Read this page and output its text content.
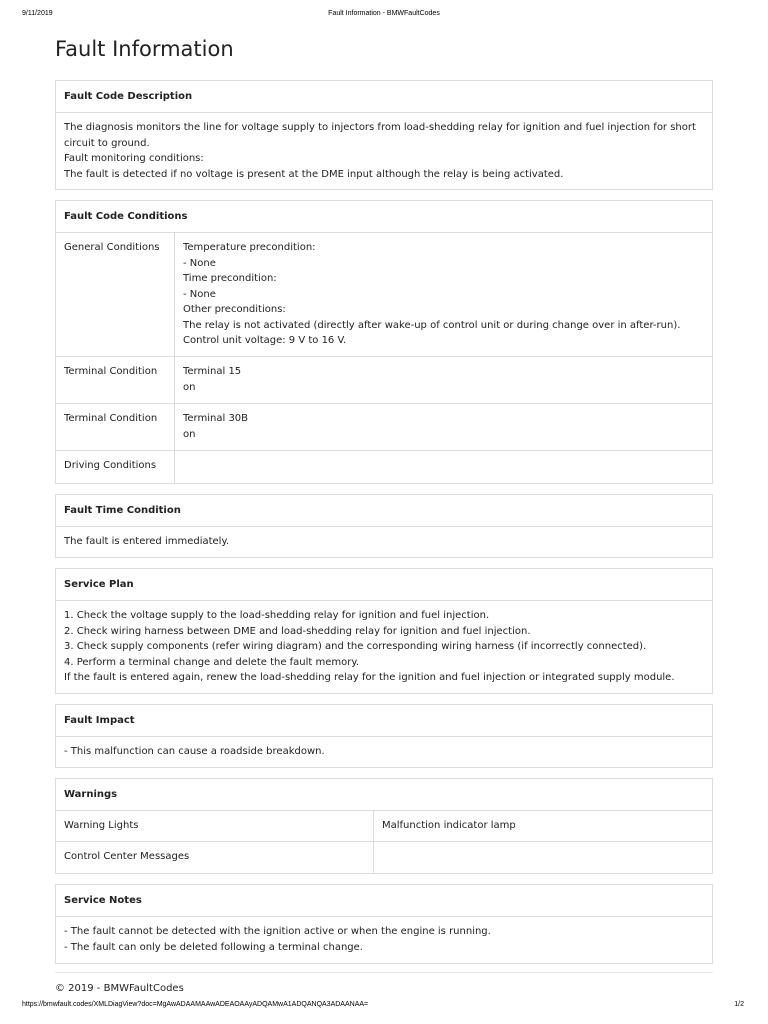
9/11/2019	Fault Information - BMWFaultCodes
Fault Information
Fault Code Description
The diagnosis monitors the line for voltage supply to injectors from load-shedding relay for ignition and fuel injection for short
circuit to ground.
Fault monitoring conditions:
The fault is detected if no voltage is present at the DME input although the relay is being activated.
Fault Code Conditions
General Conditions	Temperature precondition:
- None
Time precondition:
- None
Other preconditions:
The relay is not activated (directly after wake-up of control unit or during change over in after-run).
Control unit voltage: 9 V to 16 V.
Terminal Condition	Terminal 15
on
Terminal Condition	Terminal 30B
on
Driving Conditions
Fault Time Condition
The fault is entered immediately.
Service Plan
1. Check the voltage supply to the load-shedding relay for ignition and fuel injection.
2. Check wiring harness between DME and load-shedding relay for ignition and fuel injection.
3. Check supply components (refer wiring diagram) and the corresponding wiring harness (if incorrectly connected).
4. Perform a terminal change and delete the fault memory.
If the fault is entered again, renew the load-shedding relay for the ignition and fuel injection or integrated supply module.
Fault Impact
- This malfunction can cause a roadside breakdown.
Warnings
Warning Lights	Malfunction indicator lamp
Control Center Messages
Service Notes
- The fault cannot be detected with the ignition active or when the engine is running.
- The fault can only be deleted following a terminal change.
© 2019 - BMWFaultCodes
https://bmwfault.codes/XMLDiagView?doc=MgAwADAAMAAwADEAOAAyADQAMwA1ADQANQA3ADAANAA=	1/2
